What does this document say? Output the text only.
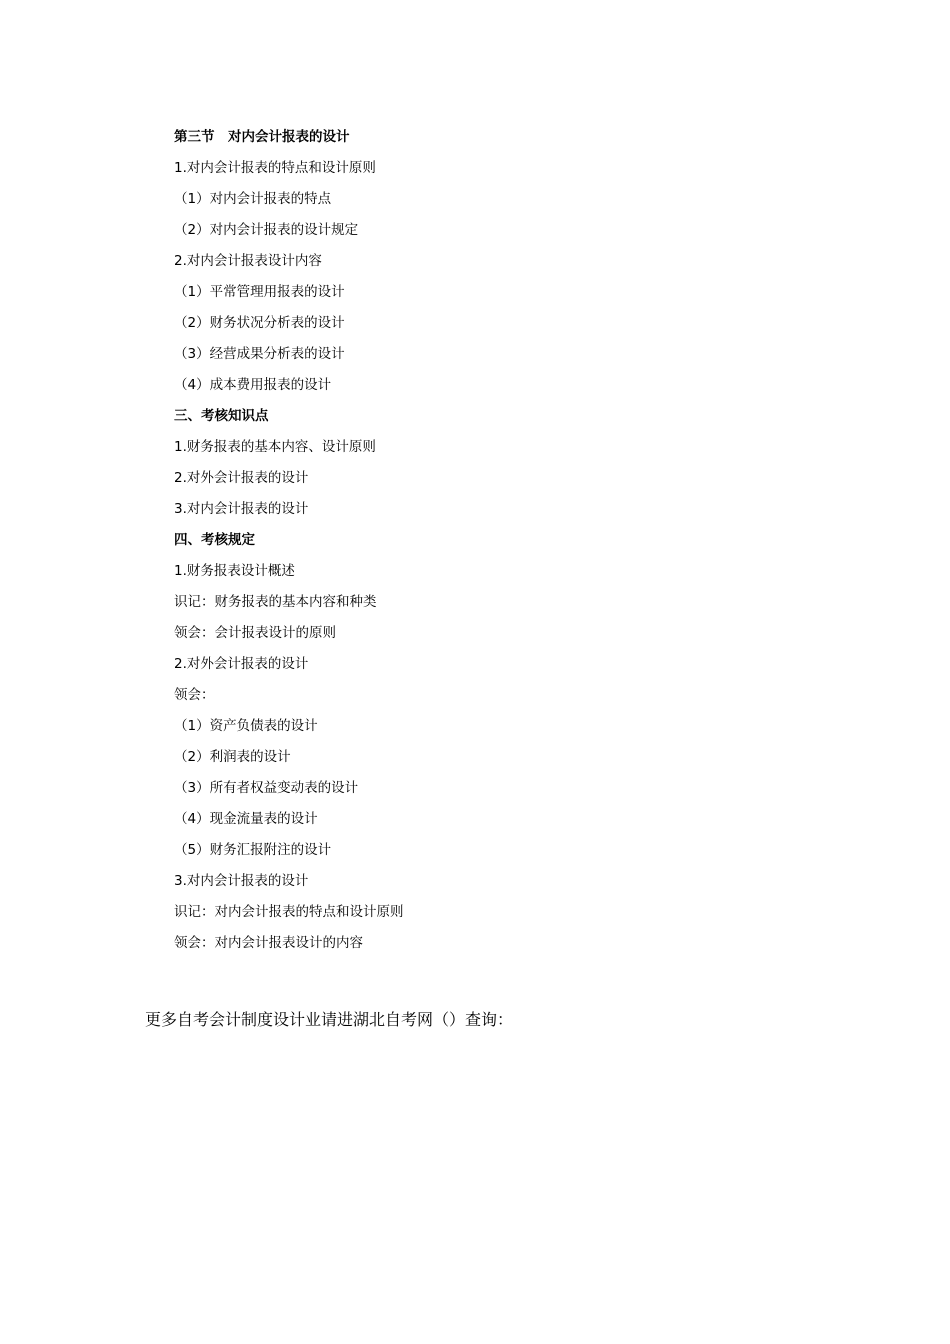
第三节　对内会计报表的设计
1.对内会计报表的特点和设计原则
（1）对内会计报表的特点
（2）对内会计报表的设计规定
2.对内会计报表设计内容
（1）平常管理用报表的设计
（2）财务状况分析表的设计
（3）经营成果分析表的设计
（4）成本费用报表的设计
三、考核知识点
1.财务报表的基本内容、设计原则
2.对外会计报表的设计
3.对内会计报表的设计
四、考核规定
1.财务报表设计概述
识记：财务报表的基本内容和种类
领会：会计报表设计的原则
2.对外会计报表的设计
领会：
（1）资产负债表的设计
（2）利润表的设计
（3）所有者权益变动表的设计
（4）现金流量表的设计
（5）财务汇报附注的设计
3.对内会计报表的设计
识记：对内会计报表的特点和设计原则
领会：对内会计报表设计的内容
更多自考会计制度设计业请进湖北自考网（）查询：
